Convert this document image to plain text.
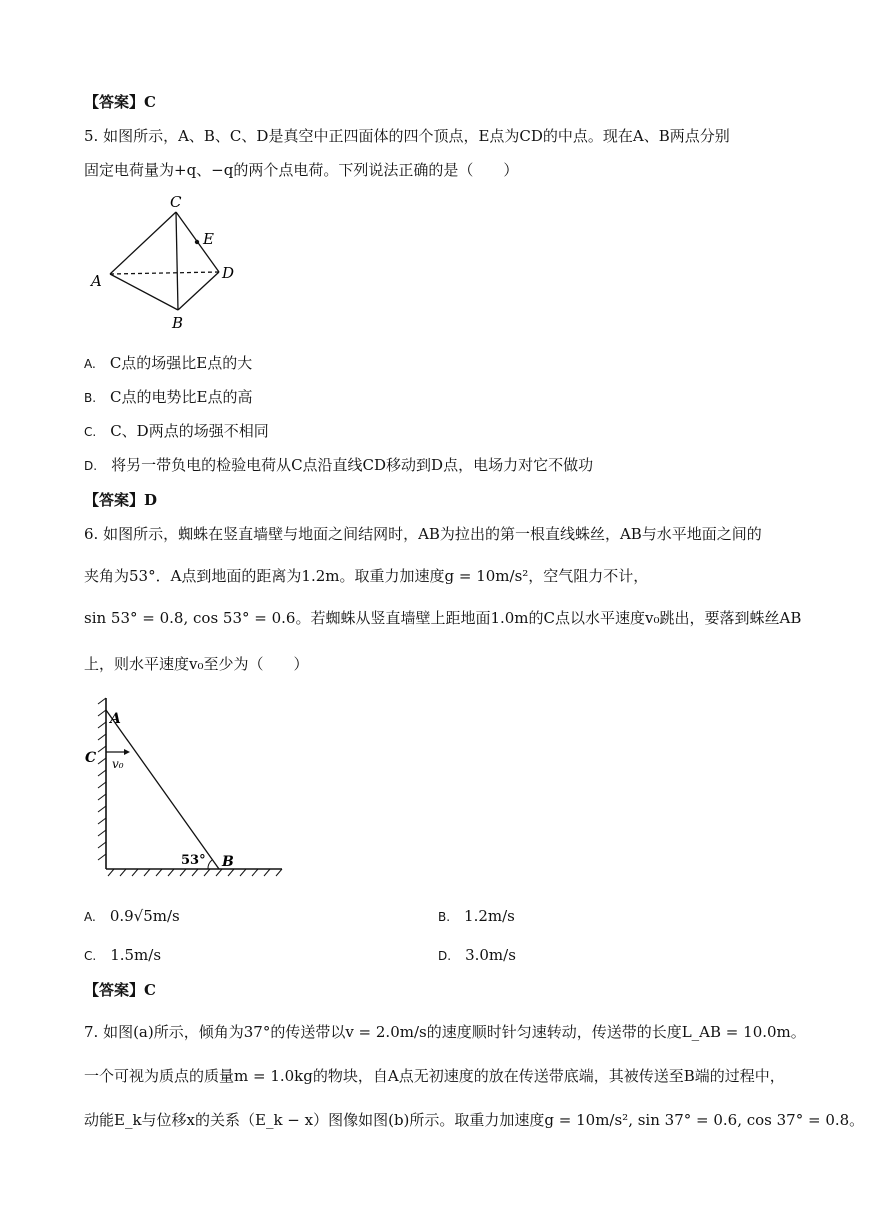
【答案】C
5. 如图所示，A、B、C、D是真空中正四面体的四个顶点，E点为CD的中点。现在A、B两点分别
固定电荷量为+q、−q的两个点电荷。下列说法正确的是（　　）
C
E
A	D
B
A. C点的场强比E点的大
B. C点的电势比E点的高
C. C、D两点的场强不相同
D. 将另一带负电的检验电荷从C点沿直线CD移动到D点，电场力对它不做功
【答案】D
6. 如图所示，蜘蛛在竖直墙壁与地面之间结网时，AB为拉出的第一根直线蛛丝，AB与水平地面之间的
夹角为53°．A点到地面的距离为1.2m。取重力加速度g = 10m/s²，空气阻力不计，
sin 53° = 0.8, cos 53° = 0.6。若蜘蛛从竖直墙壁上距地面1.0m的C点以水平速度v₀跳出，要落到蛛丝AB
上，则水平速度v₀至少为（　　）
A
C v₀
53° B
A. 0.9√5m/s	B. 1.2m/s
C. 1.5m/s	D. 3.0m/s
【答案】C
7. 如图(a)所示，倾角为37°的传送带以v = 2.0m/s的速度顺时针匀速转动，传送带的长度L_AB = 10.0m。
一个可视为质点的质量m = 1.0kg的物块，自A点无初速度的放在传送带底端，其被传送至B端的过程中，
动能E_k与位移x的关系（E_k − x）图像如图(b)所示。取重力加速度g = 10m/s², sin 37° = 0.6, cos 37° = 0.8。
